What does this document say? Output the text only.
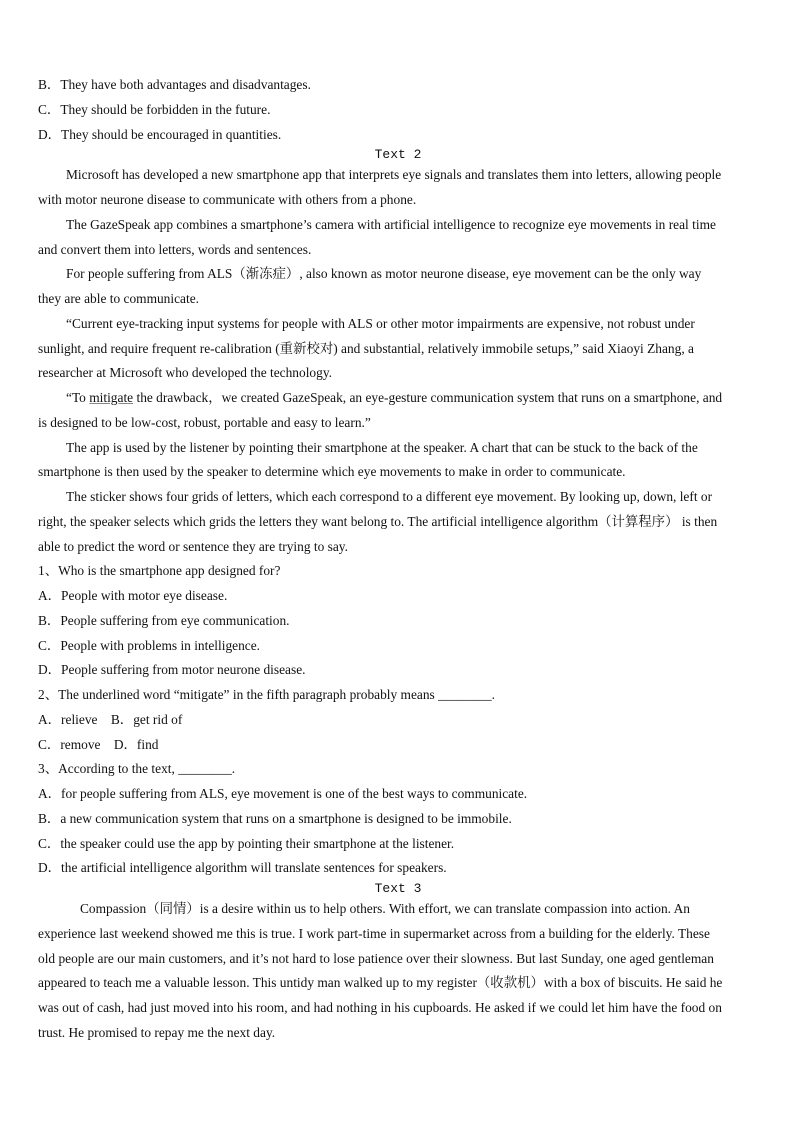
B．They have both advantages and disadvantages.
C．They should be forbidden in the future.
D．They should be encouraged in quantities.
Text 2
Microsoft has developed a new smartphone app that interprets eye signals and translates them into letters, allowing people
with motor neurone disease to communicate with others from a phone.
The GazeSpeak app combines a smartphone’s camera with artificial intelligence to recognize eye movements in real time
and convert them into letters, words and sentences.
For people suffering from ALS（渐冻症）, also known as motor neurone disease, eye movement can be the only way
they are able to communicate.
“Current eye-tracking input systems for people with ALS or other motor impairments are expensive, not robust under
sunlight, and require frequent re-calibration (重新校对) and substantial, relatively immobile setups,” said Xiaoyi Zhang, a
researcher at Microsoft who developed the technology.
“To mitigate the drawback，we created GazeSpeak, an eye-gesture communication system that runs on a smartphone, and
is designed to be low-cost, robust, portable and easy to learn.”
The app is used by the listener by pointing their smartphone at the speaker. A chart that can be stuck to the back of the
smartphone is then used by the speaker to determine which eye movements to make in order to communicate.
The sticker shows four grids of letters, which each correspond to a different eye movement. By looking up, down, left or
right, the speaker selects which grids the letters they want belong to. The artificial intelligence algorithm（计算程序） is then
able to predict the word or sentence they are trying to say.
1、Who is the smartphone app designed for?
A．People with motor eye disease.
B．People suffering from eye communication.
C．People with problems in intelligence.
D．People suffering from motor neurone disease.
2、The underlined word “mitigate” in the fifth paragraph probably means ________.
A．relieve    B．get rid of
C．remove    D．find
3、According to the text, ________.
A．for people suffering from ALS, eye movement is one of the best ways to communicate.
B．a new communication system that runs on a smartphone is designed to be immobile.
C．the speaker could use the app by pointing their smartphone at the listener.
D．the artificial intelligence algorithm will translate sentences for speakers.
Text 3
Compassion（同情）is a desire within us to help others. With effort, we can translate compassion into action. An
experience last weekend showed me this is true. I work part-time in supermarket across from a building for the elderly. These
old people are our main customers, and it’s not hard to lose patience over their slowness. But last Sunday, one aged gentleman
appeared to teach me a valuable lesson. This untidy man walked up to my register（收款机）with a box of biscuits. He said he
was out of cash, had just moved into his room, and had nothing in his cupboards. He asked if we could let him have the food on
trust. He promised to repay me the next day.
